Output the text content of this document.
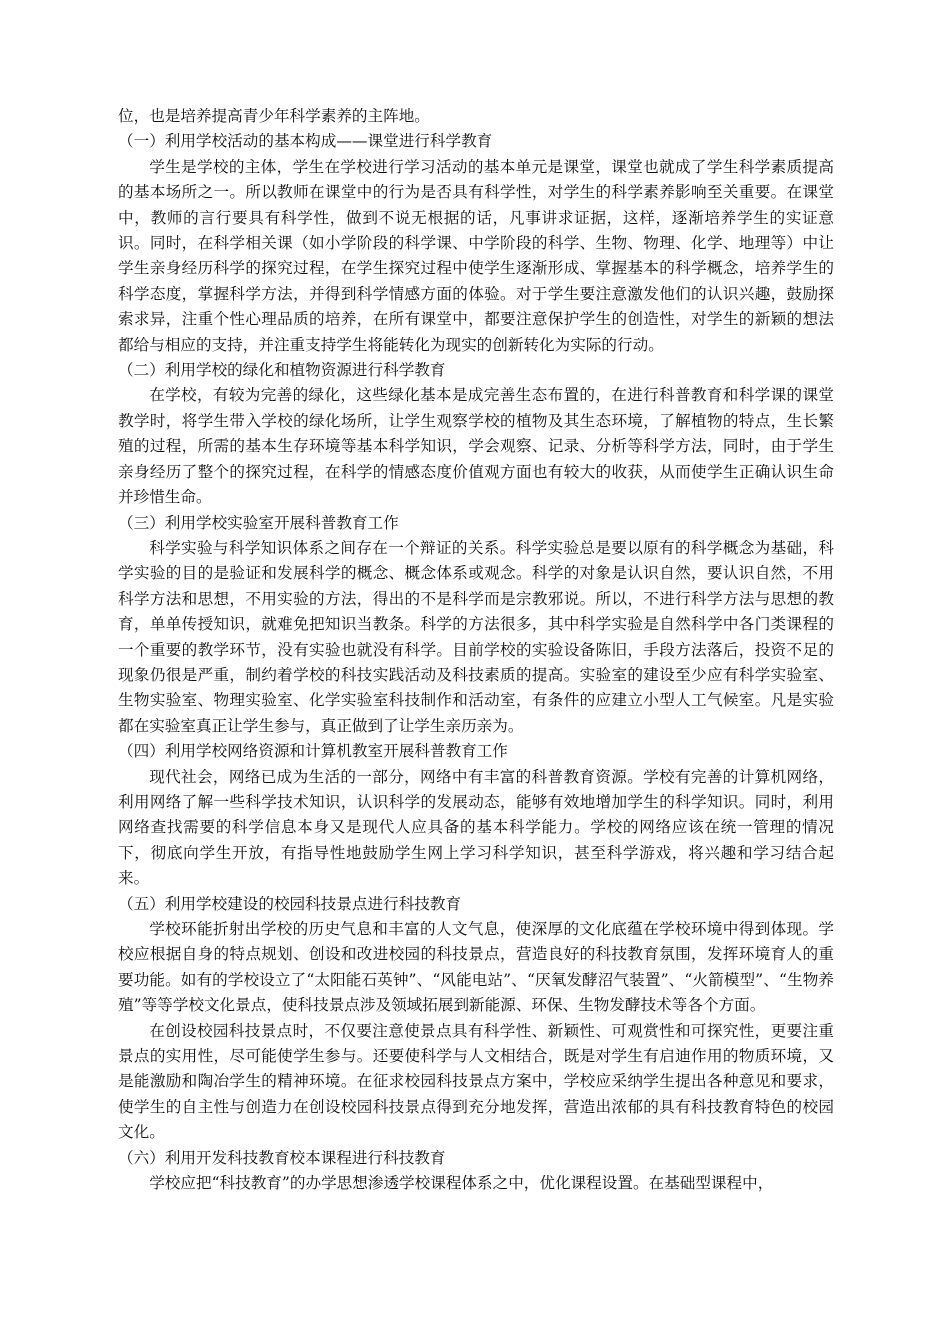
位，也是培养提高青少年科学素养的主阵地。

（一）利用学校活动的基本构成——课堂进行科学教育

学生是学校的主体，学生在学校进行学习活动的基本单元是课堂，课堂也就成了学生科学素质提高的基本场所之一。所以教师在课堂中的行为是否具有科学性，对学生的科学素养影响至关重要。在课堂中，教师的言行要具有科学性，做到不说无根据的话，凡事讲求证据，这样，逐渐培养学生的实证意识。同时，在科学相关课（如小学阶段的科学课、中学阶段的科学、生物、物理、化学、地理等）中让学生亲身经历科学的探究过程，在学生探究过程中使学生逐渐形成、掌握基本的科学概念，培养学生的科学态度，掌握科学方法，并得到科学情感方面的体验。对于学生要注意激发他们的认识兴趣，鼓励探索求异，注重个性心理品质的培养，在所有课堂中，都要注意保护学生的创造性，对学生的新颖的想法都给与相应的支持，并注重支持学生将能转化为现实的创新转化为实际的行动。

（二）利用学校的绿化和植物资源进行科学教育

在学校，有较为完善的绿化，这些绿化基本是成完善生态布置的，在进行科普教育和科学课的课堂教学时，将学生带入学校的绿化场所，让学生观察学校的植物及其生态环境，了解植物的特点，生长繁殖的过程，所需的基本生存环境等基本科学知识，学会观察、记录、分析等科学方法，同时，由于学生亲身经历了整个的探究过程，在科学的情感态度价值观方面也有较大的收获，从而使学生正确认识生命并珍惜生命。

（三）利用学校实验室开展科普教育工作

科学实验与科学知识体系之间存在一个辩证的关系。科学实验总是要以原有的科学概念为基础，科学实验的目的是验证和发展科学的概念、概念体系或观念。科学的对象是认识自然，要认识自然，不用科学方法和思想，不用实验的方法，得出的不是科学而是宗教邪说。所以，不进行科学方法与思想的教育，单单传授知识，就难免把知识当教条。科学的方法很多，其中科学实验是自然科学中各门类课程的一个重要的教学环节，没有实验也就没有科学。目前学校的实验设备陈旧，手段方法落后，投资不足的现象仍很是严重，制约着学校的科技实践活动及科技素质的提高。实验室的建设至少应有科学实验室、生物实验室、物理实验室、化学实验室科技制作和活动室，有条件的应建立小型人工气候室。凡是实验都在实验室真正让学生参与，真正做到了让学生亲历亲为。

（四）利用学校网络资源和计算机教室开展科普教育工作

现代社会，网络已成为生活的一部分，网络中有丰富的科普教育资源。学校有完善的计算机网络，利用网络了解一些科学技术知识，认识科学的发展动态，能够有效地增加学生的科学知识。同时，利用网络查找需要的科学信息本身又是现代人应具备的基本科学能力。学校的网络应该在统一管理的情况下，彻底向学生开放，有指导性地鼓励学生网上学习科学知识，甚至科学游戏，将兴趣和学习结合起来。

（五）利用学校建设的校园科技景点进行科技教育

学校环能折射出学校的历史气息和丰富的人文气息，使深厚的文化底蕴在学校环境中得到体现。学校应根据自身的特点规划、创设和改进校园的科技景点，营造良好的科技教育氛围，发挥环境育人的重要功能。如有的学校设立了“太阳能石英钟”、“风能电站”、“厌氧发酵沼气装置”、“火箭模型”、“生物养殖”等等学校文化景点，使科技景点涉及领域拓展到新能源、环保、生物发酵技术等各个方面。

在创设校园科技景点时，不仅要注意使景点具有科学性、新颖性、可观赏性和可探究性，更要注重景点的实用性，尽可能使学生参与。还要使科学与人文相结合，既是对学生有启迪作用的物质环境，又是能激励和陶冶学生的精神环境。在征求校园科技景点方案中，学校应采纳学生提出各种意见和要求，使学生的自主性与创造力在创设校园科技景点得到充分地发挥，营造出浓郁的具有科技教育特色的校园文化。

（六）利用开发科技教育校本课程进行科技教育

学校应把“科技教育”的办学思想渗透学校课程体系之中，优化课程设置。在基础型课程中，
